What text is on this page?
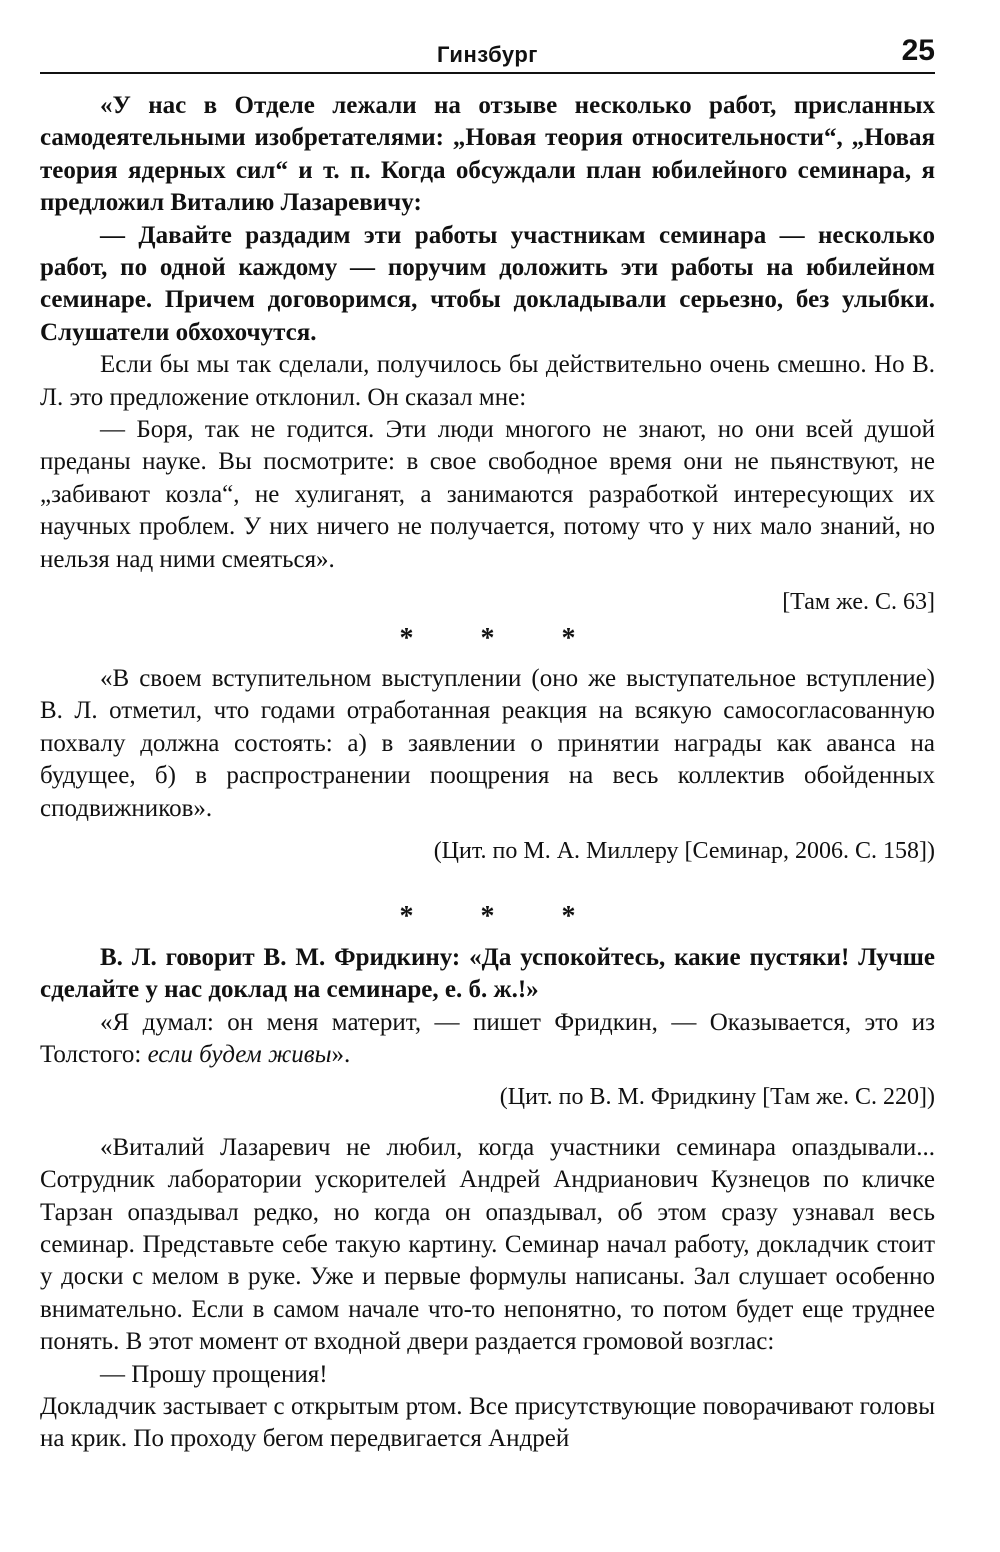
Гинзбург	25

«У нас в Отделе лежали на отзыве несколько работ, присланных самодеятельными изобретателями: „Новая теория относительности“, „Новая теория ядерных сил“ и т. п. Когда обсуждали план юбилейного семинара, я предложил Виталию Лазаревичу:

— Давайте раздадим эти работы участникам семинара — несколько работ, по одной каждому — поручим доложить эти работы на юбилейном семинаре. Причем договоримся, чтобы докладывали серьезно, без улыбки. Слушатели обхохочутся.

Если бы мы так сделали, получилось бы действительно очень смешно. Но В. Л. это предложение отклонил. Он сказал мне:

— Боря, так не годится. Эти люди многого не знают, но они всей душой преданы науке. Вы посмотрите: в свое свободное время они не пьянствуют, не „забивают козла“, не хулиганят, а занимаются разработкой интересующих их научных проблем. У них ничего не получается, потому что у них мало знаний, но нельзя над ними смеяться».

[Там же. С. 63]
* * *

«В своем вступительном выступлении (оно же выступательное вступление) В. Л. отметил, что годами отработанная реакция на всякую самосогласованную похвалу должна состоять: а) в заявлении о принятии награды как аванса на будущее, б) в распространении поощрения на весь коллектив обойденных сподвижников».

(Цит. по М. А. Миллеру [Семинар, 2006. С. 158])
* * *

В. Л. говорит В. М. Фридкину: «Да успокойтесь, какие пустяки! Лучше сделайте у нас доклад на семинаре, е. б. ж.!»

«Я думал: он меня материт, — пишет Фридкин, — Оказывается, это из Толстого: если будем живы».

(Цит. по В. М. Фридкину [Там же. С. 220])

«Виталий Лазаревич не любил, когда участники семинара опаздывали... Сотрудник лаборатории ускорителей Андрей Андрианович Кузнецов по кличке Тарзан опаздывал редко, но когда он опаздывал, об этом сразу узнавал весь семинар. Представьте себе такую картину. Семинар начал работу, докладчик стоит у доски с мелом в руке. Уже и первые формулы написаны. Зал слушает особенно внимательно. Если в самом начале что-то непонятно, то потом будет еще труднее понять. В этот момент от входной двери раздается громовой возглас:

— Прошу прощения!

Докладчик застывает с открытым ртом. Все присутствующие поворачивают головы на крик. По проходу бегом передвигается Андрей
